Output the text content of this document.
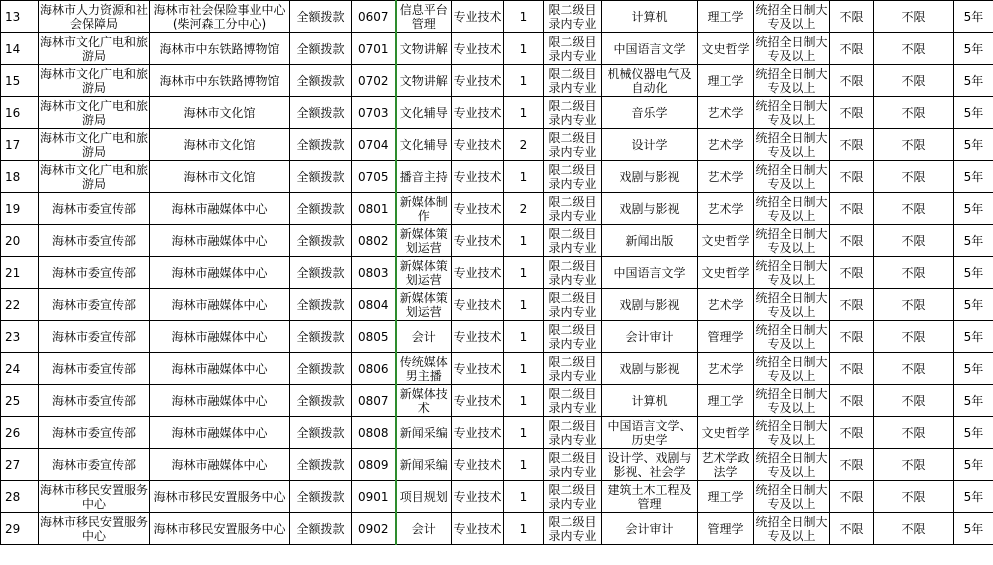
13	海林市人力资源和社会保障局	海林市社会保险事业中心(柴河森工分中心)	全额拨款	0607	信息平台管理	专业技术	1	限二级目录内专业	计算机	理工学	统招全日制大专及以上	不限	不限	5年
14	海林市文化广电和旅游局	海林市中东铁路博物馆	全额拨款	0701	文物讲解	专业技术	1	限二级目录内专业	中国语言文学	文史哲学	统招全日制大专及以上	不限	不限	5年
15	海林市文化广电和旅游局	海林市中东铁路博物馆	全额拨款	0702	文物讲解	专业技术	1	限二级目录内专业	机械仪器电气及自动化	理工学	统招全日制大专及以上	不限	不限	5年
16	海林市文化广电和旅游局	海林市文化馆	全额拨款	0703	文化辅导	专业技术	1	限二级目录内专业	音乐学	艺术学	统招全日制大专及以上	不限	不限	5年
17	海林市文化广电和旅游局	海林市文化馆	全额拨款	0704	文化辅导	专业技术	2	限二级目录内专业	设计学	艺术学	统招全日制大专及以上	不限	不限	5年
18	海林市文化广电和旅游局	海林市文化馆	全额拨款	0705	播音主持	专业技术	1	限二级目录内专业	戏剧与影视	艺术学	统招全日制大专及以上	不限	不限	5年
19	海林市委宣传部	海林市融媒体中心	全额拨款	0801	新媒体制作	专业技术	2	限二级目录内专业	戏剧与影视	艺术学	统招全日制大专及以上	不限	不限	5年
20	海林市委宣传部	海林市融媒体中心	全额拨款	0802	新媒体策划运营	专业技术	1	限二级目录内专业	新闻出版	文史哲学	统招全日制大专及以上	不限	不限	5年
21	海林市委宣传部	海林市融媒体中心	全额拨款	0803	新媒体策划运营	专业技术	1	限二级目录内专业	中国语言文学	文史哲学	统招全日制大专及以上	不限	不限	5年
22	海林市委宣传部	海林市融媒体中心	全额拨款	0804	新媒体策划运营	专业技术	1	限二级目录内专业	戏剧与影视	艺术学	统招全日制大专及以上	不限	不限	5年
23	海林市委宣传部	海林市融媒体中心	全额拨款	0805	会计	专业技术	1	限二级目录内专业	会计审计	管理学	统招全日制大专及以上	不限	不限	5年
24	海林市委宣传部	海林市融媒体中心	全额拨款	0806	传统媒体男主播	专业技术	1	限二级目录内专业	戏剧与影视	艺术学	统招全日制大专及以上	不限	不限	5年
25	海林市委宣传部	海林市融媒体中心	全额拨款	0807	新媒体技术	专业技术	1	限二级目录内专业	计算机	理工学	统招全日制大专及以上	不限	不限	5年
26	海林市委宣传部	海林市融媒体中心	全额拨款	0808	新闻采编	专业技术	1	限二级目录内专业	中国语言文学、历史学	文史哲学	统招全日制大专及以上	不限	不限	5年
27	海林市委宣传部	海林市融媒体中心	全额拨款	0809	新闻采编	专业技术	1	限二级目录内专业	设计学、戏剧与影视、社会学	艺术学政法学	统招全日制大专及以上	不限	不限	5年
28	海林市移民安置服务中心	海林市移民安置服务中心	全额拨款	0901	项目规划	专业技术	1	限二级目录内专业	建筑土木工程及管理	理工学	统招全日制大专及以上	不限	不限	5年
29	海林市移民安置服务中心	海林市移民安置服务中心	全额拨款	0902	会计	专业技术	1	限二级目录内专业	会计审计	管理学	统招全日制大专及以上	不限	不限	5年
